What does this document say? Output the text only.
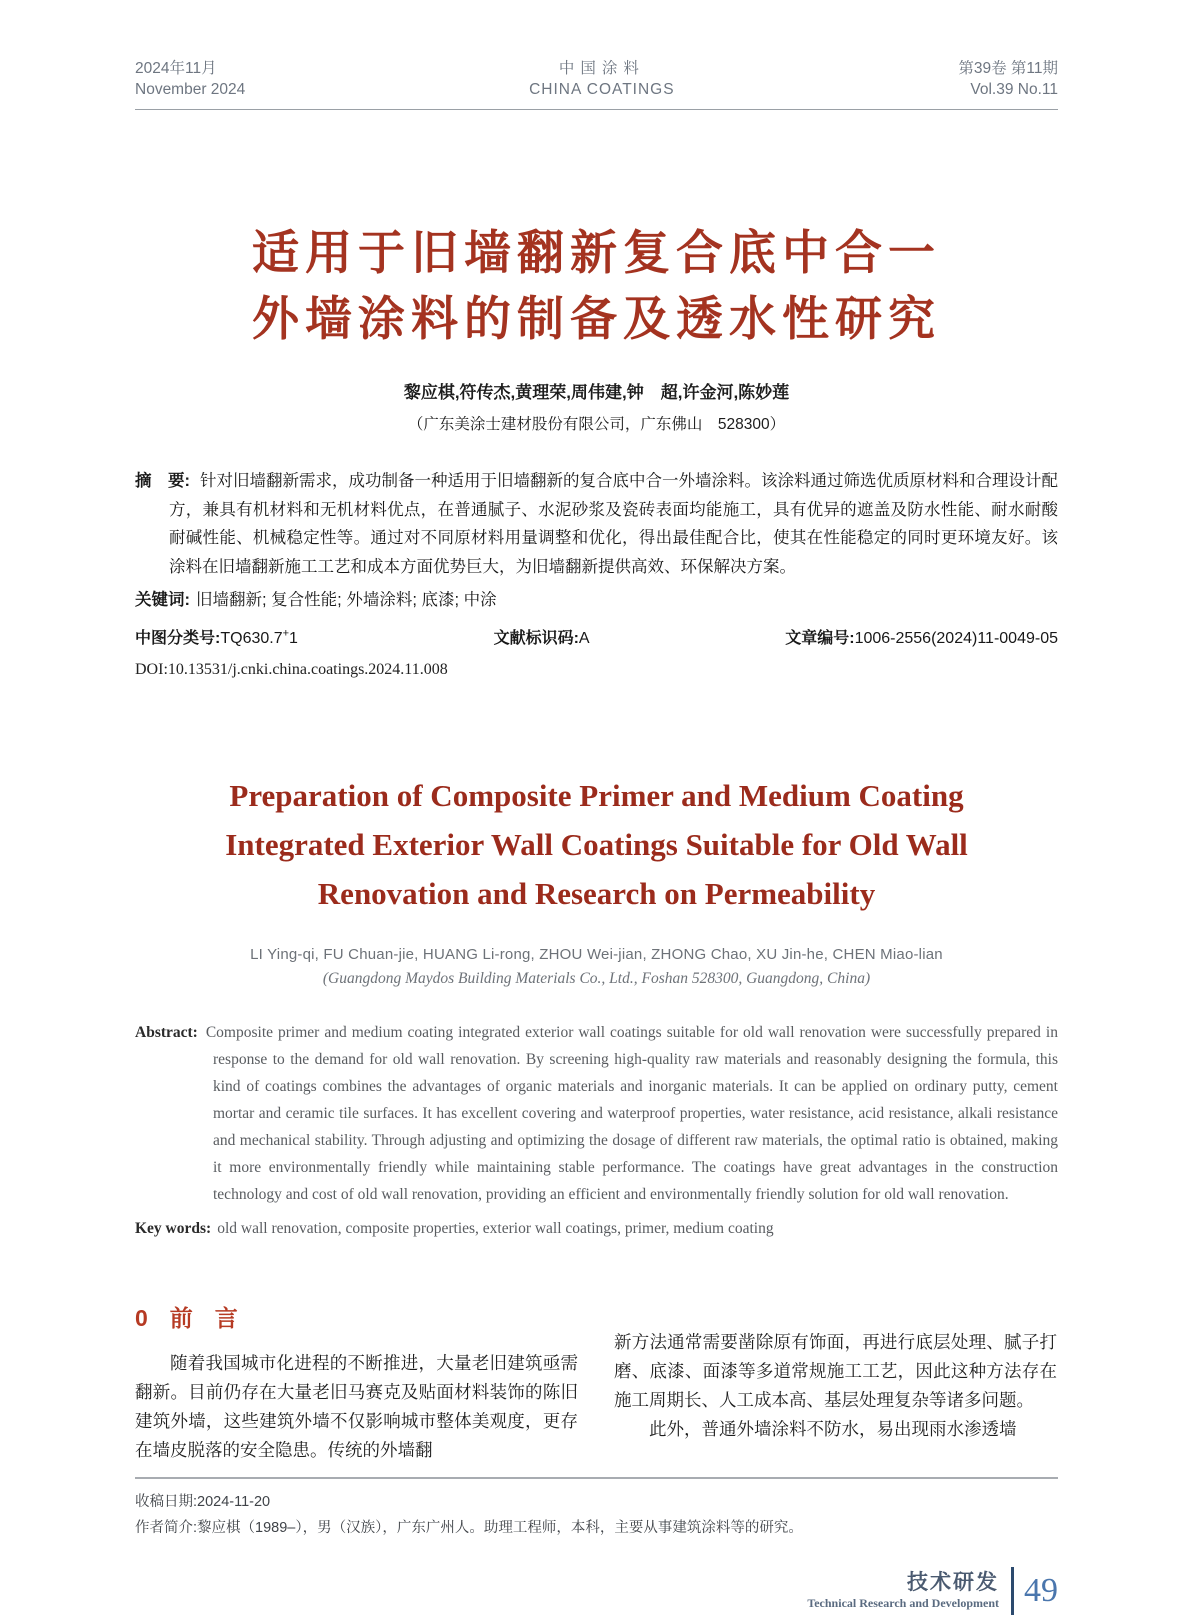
2024年11月
November 2024
中国涂料
CHINA COATINGS
第39卷 第11期
Vol.39 No.11
适用于旧墙翻新复合底中合一
外墙涂料的制备及透水性研究
黎应棋,符传杰,黄理荣,周伟建,钟　超,许金河,陈妙莲
（广东美涂士建材股份有限公司，广东佛山　528300）

摘　要: 针对旧墙翻新需求，成功制备一种适用于旧墙翻新的复合底中合一外墙涂料。该涂料通过筛选优质原材料和合理设计配方，兼具有机材料和无机材料优点，在普通腻子、水泥砂浆及瓷砖表面均能施工，具有优异的遮盖及防水性能、耐水耐酸耐碱性能、机械稳定性等。通过对不同原材料用量调整和优化，得出最佳配合比，使其在性能稳定的同时更环境友好。该涂料在旧墙翻新施工工艺和成本方面优势巨大，为旧墙翻新提供高效、环保解决方案。

关键词: 旧墙翻新; 复合性能; 外墙涂料; 底漆; 中涂

中图分类号:TQ630.7+1	文献标识码:A	文章编号:1006-2556(2024)11-0049-05
DOI:10.13531/j.cnki.china.coatings.2024.11.008
Preparation of Composite Primer and Medium Coating
Integrated Exterior Wall Coatings Suitable for Old Wall
Renovation and Research on Permeability
LI Ying-qi, FU Chuan-jie, HUANG Li-rong, ZHOU Wei-jian, ZHONG Chao, XU Jin-he, CHEN Miao-lian
(Guangdong Maydos Building Materials Co., Ltd., Foshan 528300, Guangdong, China)

Abstract: Composite primer and medium coating integrated exterior wall coatings suitable for old wall renovation were successfully prepared in response to the demand for old wall renovation. By screening high-quality raw materials and reasonably designing the formula, this kind of coatings combines the advantages of organic materials and inorganic materials. It can be applied on ordinary putty, cement mortar and ceramic tile surfaces. It has excellent covering and waterproof properties, water resistance, acid resistance, alkali resistance and mechanical stability. Through adjusting and optimizing the dosage of different raw materials, the optimal ratio is obtained, making it more environmentally friendly while maintaining stable performance. The coatings have great advantages in the construction technology and cost of old wall renovation, providing an efficient and environmentally friendly solution for old wall renovation.

Key words: old wall renovation, composite properties, exterior wall coatings, primer, medium coating

0 前言

随着我国城市化进程的不断推进，大量老旧建筑亟需翻新。目前仍存在大量老旧马赛克及贴面材料装饰的陈旧建筑外墙，这些建筑外墙不仅影响城市整体美观度，更存在墙皮脱落的安全隐患。传统的外墙翻

新方法通常需要凿除原有饰面，再进行底层处理、腻子打磨、底漆、面漆等多道常规施工工艺，因此这种方法存在施工周期长、人工成本高、基层处理复杂等诸多问题。

此外，普通外墙涂料不防水，易出现雨水渗透墙

收稿日期:2024-11-20
作者简介:黎应棋（1989–），男（汉族），广东广州人。助理工程师，本科，主要从事建筑涂料等的研究。
技术研发
Technical Research and Development 49
